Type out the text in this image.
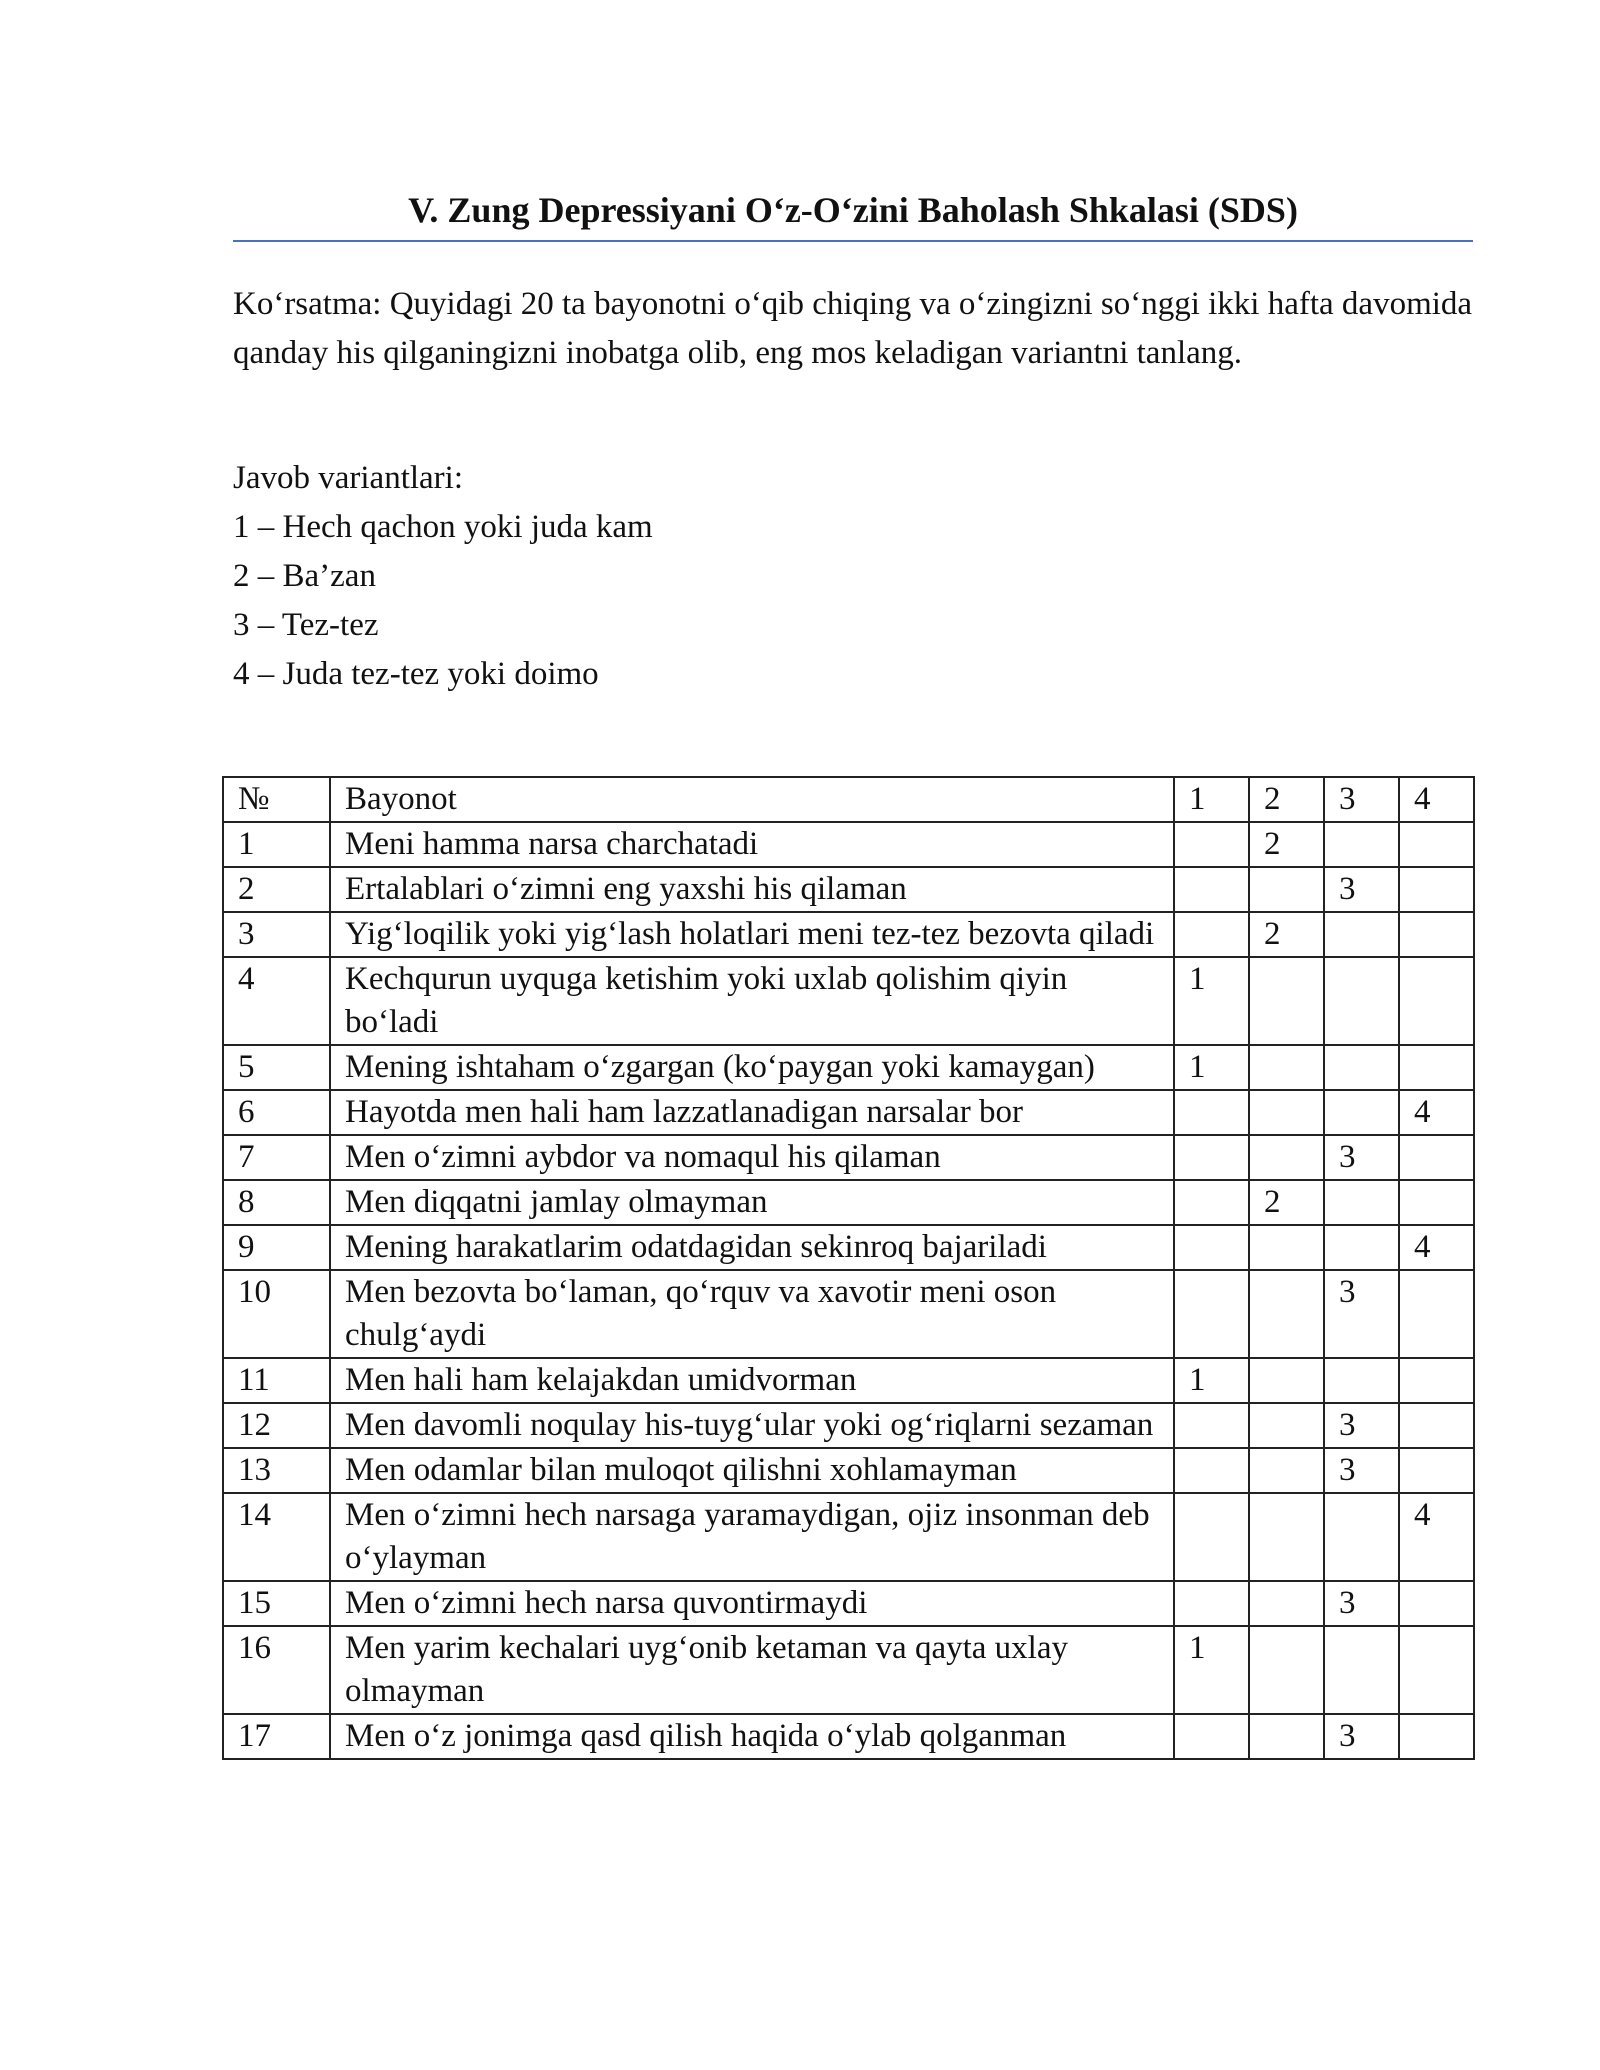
V. Zung Depressiyani O‘z-O‘zini Baholash Shkalasi (SDS)
Ko‘rsatma: Quyidagi 20 ta bayonotni o‘qib chiqing va o‘zingizni so‘nggi ikki hafta davomida qanday his qilganingizni inobatga olib, eng mos keladigan variantni tanlang.
Javob variantlari:
1 – Hech qachon yoki juda kam
2 – Ba’zan
3 – Tez-tez
4 – Juda tez-tez yoki doimo
№	Bayonot	1	2	3	4
1	Meni hamma narsa charchatadi		2		
2	Ertalablari o‘zimni eng yaxshi his qilaman			3	
3	Yig‘loqilik yoki yig‘lash holatlari meni tez-tez bezovta qiladi		2		
4	Kechqurun uyquga ketishim yoki uxlab qolishim qiyin bo‘ladi	1			
5	Mening ishtaham o‘zgargan (ko‘paygan yoki kamaygan)	1			
6	Hayotda men hali ham lazzatlanadigan narsalar bor				4
7	Men o‘zimni aybdor va nomaqul his qilaman			3	
8	Men diqqatni jamlay olmayman		2		
9	Mening harakatlarim odatdagidan sekinroq bajariladi				4
10	Men bezovta bo‘laman, qo‘rquv va xavotir meni oson chulg‘aydi			3	
11	Men hali ham kelajakdan umidvorman	1			
12	Men davomli noqulay his-tuyg‘ular yoki og‘riqlarni sezaman			3	
13	Men odamlar bilan muloqot qilishni xohlamayman			3	
14	Men o‘zimni hech narsaga yaramaydigan, ojiz insonman deb o‘ylayman				4
15	Men o‘zimni hech narsa quvontirmaydi			3	
16	Men yarim kechalari uyg‘onib ketaman va qayta uxlay olmayman	1			
17	Men o‘z jonimga qasd qilish haqida o‘ylab qolganman			3	
